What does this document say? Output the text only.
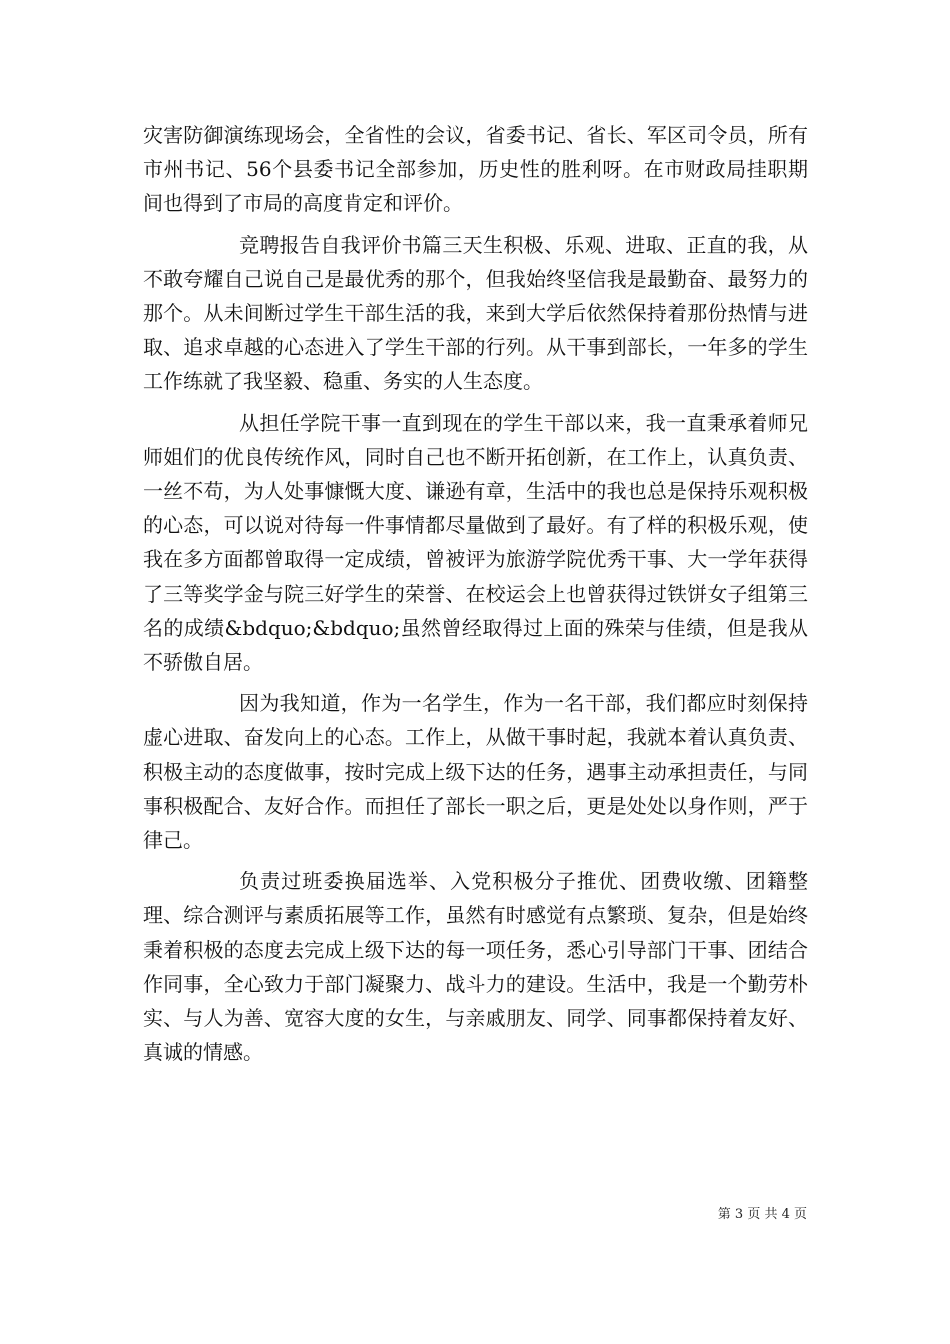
灾害防御演练现场会，全省性的会议，省委书记、省长、军区司令员，所有市州书记、56个县委书记全部参加，历史性的胜利呀。在市财政局挂职期间也得到了市局的高度肯定和评价。

竞聘报告自我评价书篇三天生积极、乐观、进取、正直的我，从不敢夸耀自己说自己是最优秀的那个，但我始终坚信我是最勤奋、最努力的那个。从未间断过学生干部生活的我，来到大学后依然保持着那份热情与进取、追求卓越的心态进入了学生干部的行列。从干事到部长，一年多的学生工作练就了我坚毅、稳重、务实的人生态度。

从担任学院干事一直到现在的学生干部以来，我一直秉承着师兄师姐们的优良传统作风，同时自己也不断开拓创新，在工作上，认真负责、一丝不苟，为人处事慷慨大度、谦逊有章，生活中的我也总是保持乐观积极的心态，可以说对待每一件事情都尽量做到了最好。有了样的积极乐观，使我在多方面都曾取得一定成绩，曾被评为旅游学院优秀干事、大一学年获得了三等奖学金与院三好学生的荣誉、在校运会上也曾获得过铁饼女子组第三名的成绩&bdquo;&bdquo;虽然曾经取得过上面的殊荣与佳绩，但是我从不骄傲自居。

因为我知道，作为一名学生，作为一名干部，我们都应时刻保持虚心进取、奋发向上的心态。工作上，从做干事时起，我就本着认真负责、积极主动的态度做事，按时完成上级下达的任务，遇事主动承担责任，与同事积极配合、友好合作。而担任了部长一职之后，更是处处以身作则，严于律己。

负责过班委换届选举、入党积极分子推优、团费收缴、团籍整理、综合测评与素质拓展等工作，虽然有时感觉有点繁琐、复杂，但是始终秉着积极的态度去完成上级下达的每一项任务，悉心引导部门干事、团结合作同事，全心致力于部门凝聚力、战斗力的建设。生活中，我是一个勤劳朴实、与人为善、宽容大度的女生，与亲戚朋友、同学、同事都保持着友好、真诚的情感。

第 3 页 共 4 页
